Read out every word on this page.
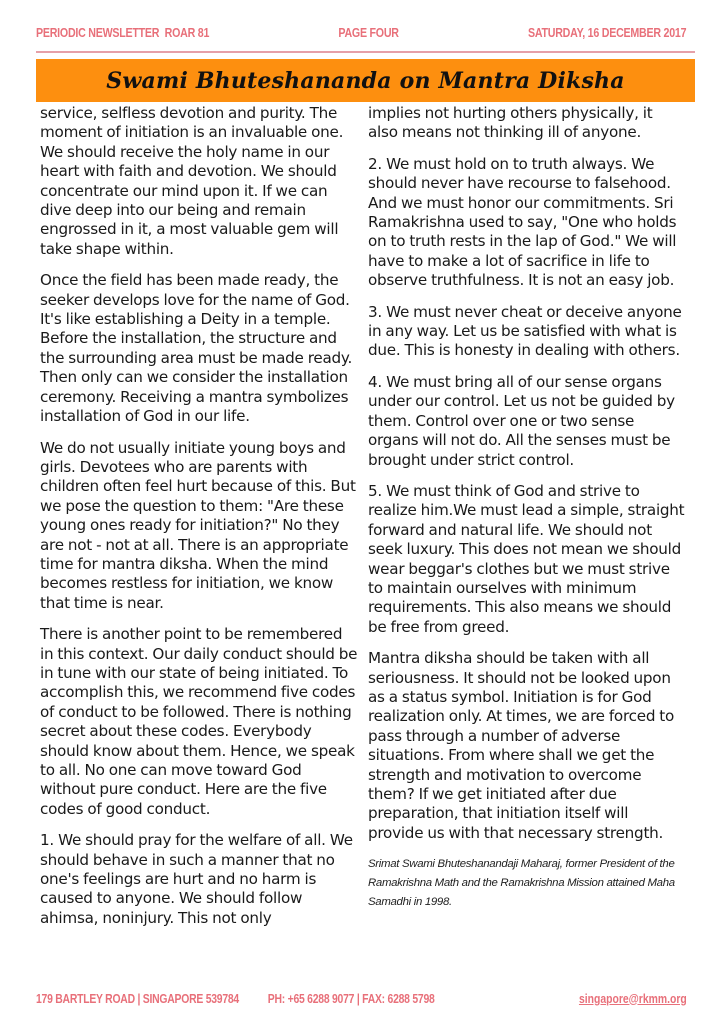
PERIODIC NEWSLETTER  ROAR 81	PAGE FOUR	SATURDAY, 16 DECEMBER 2017
Swami Bhuteshananda on Mantra Diksha

service, selfless devotion and purity. The moment of initiation is an invaluable one. We should receive the holy name in our heart with faith and devotion. We should concentrate our mind upon it. If we can dive deep into our being and remain engrossed in it, a most valuable gem will take shape within.

Once the field has been made ready, the seeker develops love for the name of God. It's like establishing a Deity in a temple. Before the installation, the structure and the surrounding area must be made ready. Then only can we consider the installation ceremony. Receiving a mantra symbolizes installation of God in our life.

We do not usually initiate young boys and girls. Devotees who are parents with children often feel hurt because of this. But we pose the question to them: "Are these young ones ready for initiation?" No they are not - not at all. There is an appropriate time for mantra diksha. When the mind becomes restless for initiation, we know that time is near.

There is another point to be remembered in this context. Our daily conduct should be in tune with our state of being initiated. To accomplish this, we recommend five codes of conduct to be followed. There is nothing secret about these codes. Everybody should know about them. Hence, we speak to all. No one can move toward God without pure conduct. Here are the five codes of good conduct.

1. We should pray for the welfare of all. We should behave in such a manner that no one's feelings are hurt and no harm is caused to anyone. We should follow ahimsa, noninjury. This not only

implies not hurting others physically, it also means not thinking ill of anyone.

2. We must hold on to truth always. We should never have recourse to falsehood. And we must honor our commitments. Sri Ramakrishna used to say, "One who holds on to truth rests in the lap of God." We will have to make a lot of sacrifice in life to observe truthfulness. It is not an easy job.

3. We must never cheat or deceive anyone in any way. Let us be satisfied with what is due. This is honesty in dealing with others.

4. We must bring all of our sense organs under our control. Let us not be guided by them. Control over one or two sense organs will not do. All the senses must be brought under strict control.

5. We must think of God and strive to realize him.We must lead a simple, straight forward and natural life. We should not seek luxury. This does not mean we should wear beggar's clothes but we must strive to maintain ourselves with minimum requirements. This also means we should be free from greed.

Mantra diksha should be taken with all seriousness. It should not be looked upon as a status symbol. Initiation is for God realization only. At times, we are forced to pass through a number of adverse situations. From where shall we get the strength and motivation to overcome them? If we get initiated after due preparation, that initiation itself will provide us with that necessary strength.

Srimat Swami Bhuteshanandaji Maharaj, former President of the Ramakrishna Math and the Ramakrishna Mission attained Maha Samadhi in 1998.

179 BARTLEY ROAD | SINGAPORE 539784 PH: +65 6288 9077 | FAX: 6288 5798	singapore@rkmm.org
